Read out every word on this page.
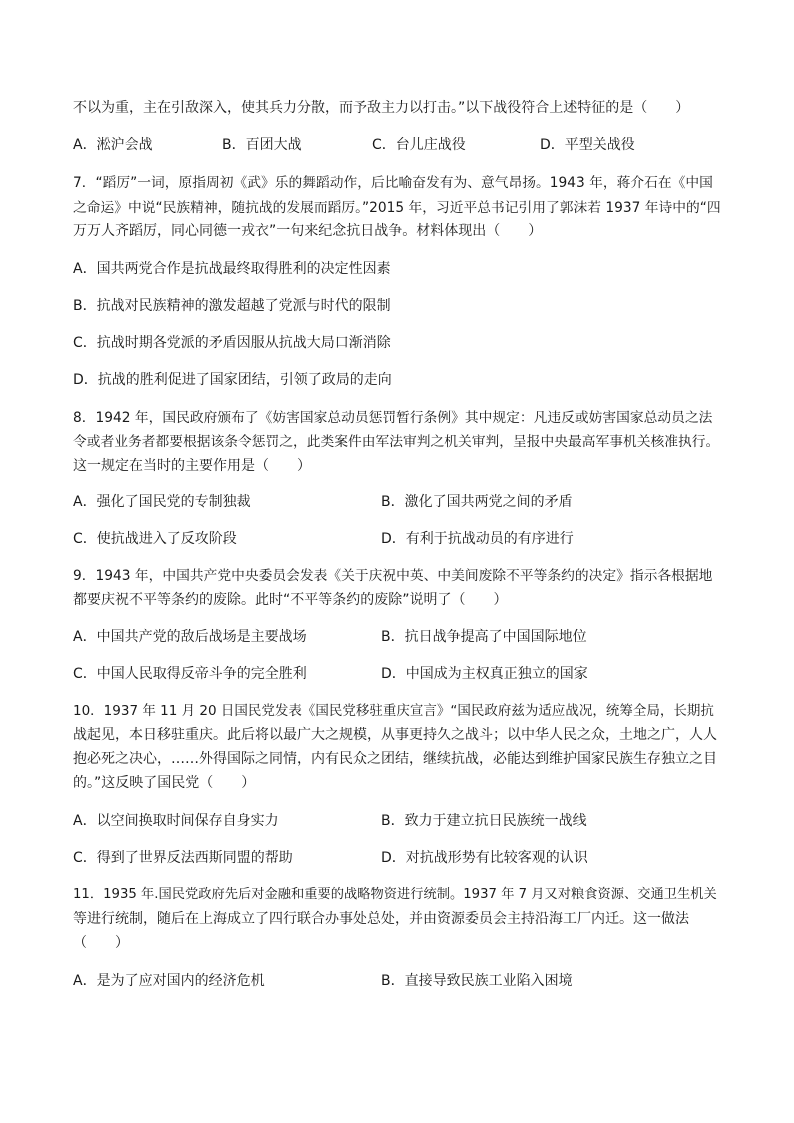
不以为重，主在引敌深入，使其兵力分散，而予敌主力以打击。”以下战役符合上述特征的是（　　）
A．淞沪会战	B．百团大战	C．台儿庄战役	D．平型关战役
7．“蹈厉”一词，原指周初《武》乐的舞蹈动作，后比喻奋发有为、意气昂扬。1943 年，蒋介石在《中国
之命运》中说“民族精神，随抗战的发展而蹈厉。”2015 年，习近平总书记引用了郭沫若 1937 年诗中的“四
万万人齐蹈厉，同心同德一戎衣”一句来纪念抗日战争。材料体现出（　　）
A．国共两党合作是抗战最终取得胜利的决定性因素
B．抗战对民族精神的激发超越了党派与时代的限制
C．抗战时期各党派的矛盾因服从抗战大局口渐消除
D．抗战的胜利促进了国家团结，引领了政局的走向
8．1942 年，国民政府颁布了《妨害国家总动员惩罚暂行条例》其中规定：凡违反或妨害国家总动员之法
令或者业务者都要根据该条令惩罚之，此类案件由军法审判之机关审判，呈报中央最高军事机关核准执行。
这一规定在当时的主要作用是（　　）
A．强化了国民党的专制独裁	B．激化了国共两党之间的矛盾
C．使抗战进入了反攻阶段	D．有利于抗战动员的有序进行
9．1943 年，中国共产党中央委员会发表《关于庆祝中英、中美间废除不平等条约的决定》指示各根据地
都要庆祝不平等条约的废除。此时“不平等条约的废除”说明了（　　）
A．中国共产党的敌后战场是主要战场	B．抗日战争提高了中国国际地位
C．中国人民取得反帝斗争的完全胜利	D．中国成为主权真正独立的国家
10．1937 年 11 月 20 日国民党发表《国民党移驻重庆宣言》“国民政府兹为适应战况，统筹全局，长期抗
战起见，本日移驻重庆。此后将以最广大之规模，从事更持久之战斗；以中华人民之众，土地之广，人人
抱必死之决心，……外得国际之同情，内有民众之团结，继续抗战，必能达到维护国家民族生存独立之目
的。”这反映了国民党（　　）
A．以空间换取时间保存自身实力	B．致力于建立抗日民族统一战线
C．得到了世界反法西斯同盟的帮助	D．对抗战形势有比较客观的认识
11．1935 年.国民党政府先后对金融和重要的战略物资进行统制。1937 年 7 月又对粮食资源、交通卫生机关
等进行统制，随后在上海成立了四行联合办事处总处，并由资源委员会主持沿海工厂内迁。这一做法
（　　）
A．是为了应对国内的经济危机	B．直接导致民族工业陷入困境
